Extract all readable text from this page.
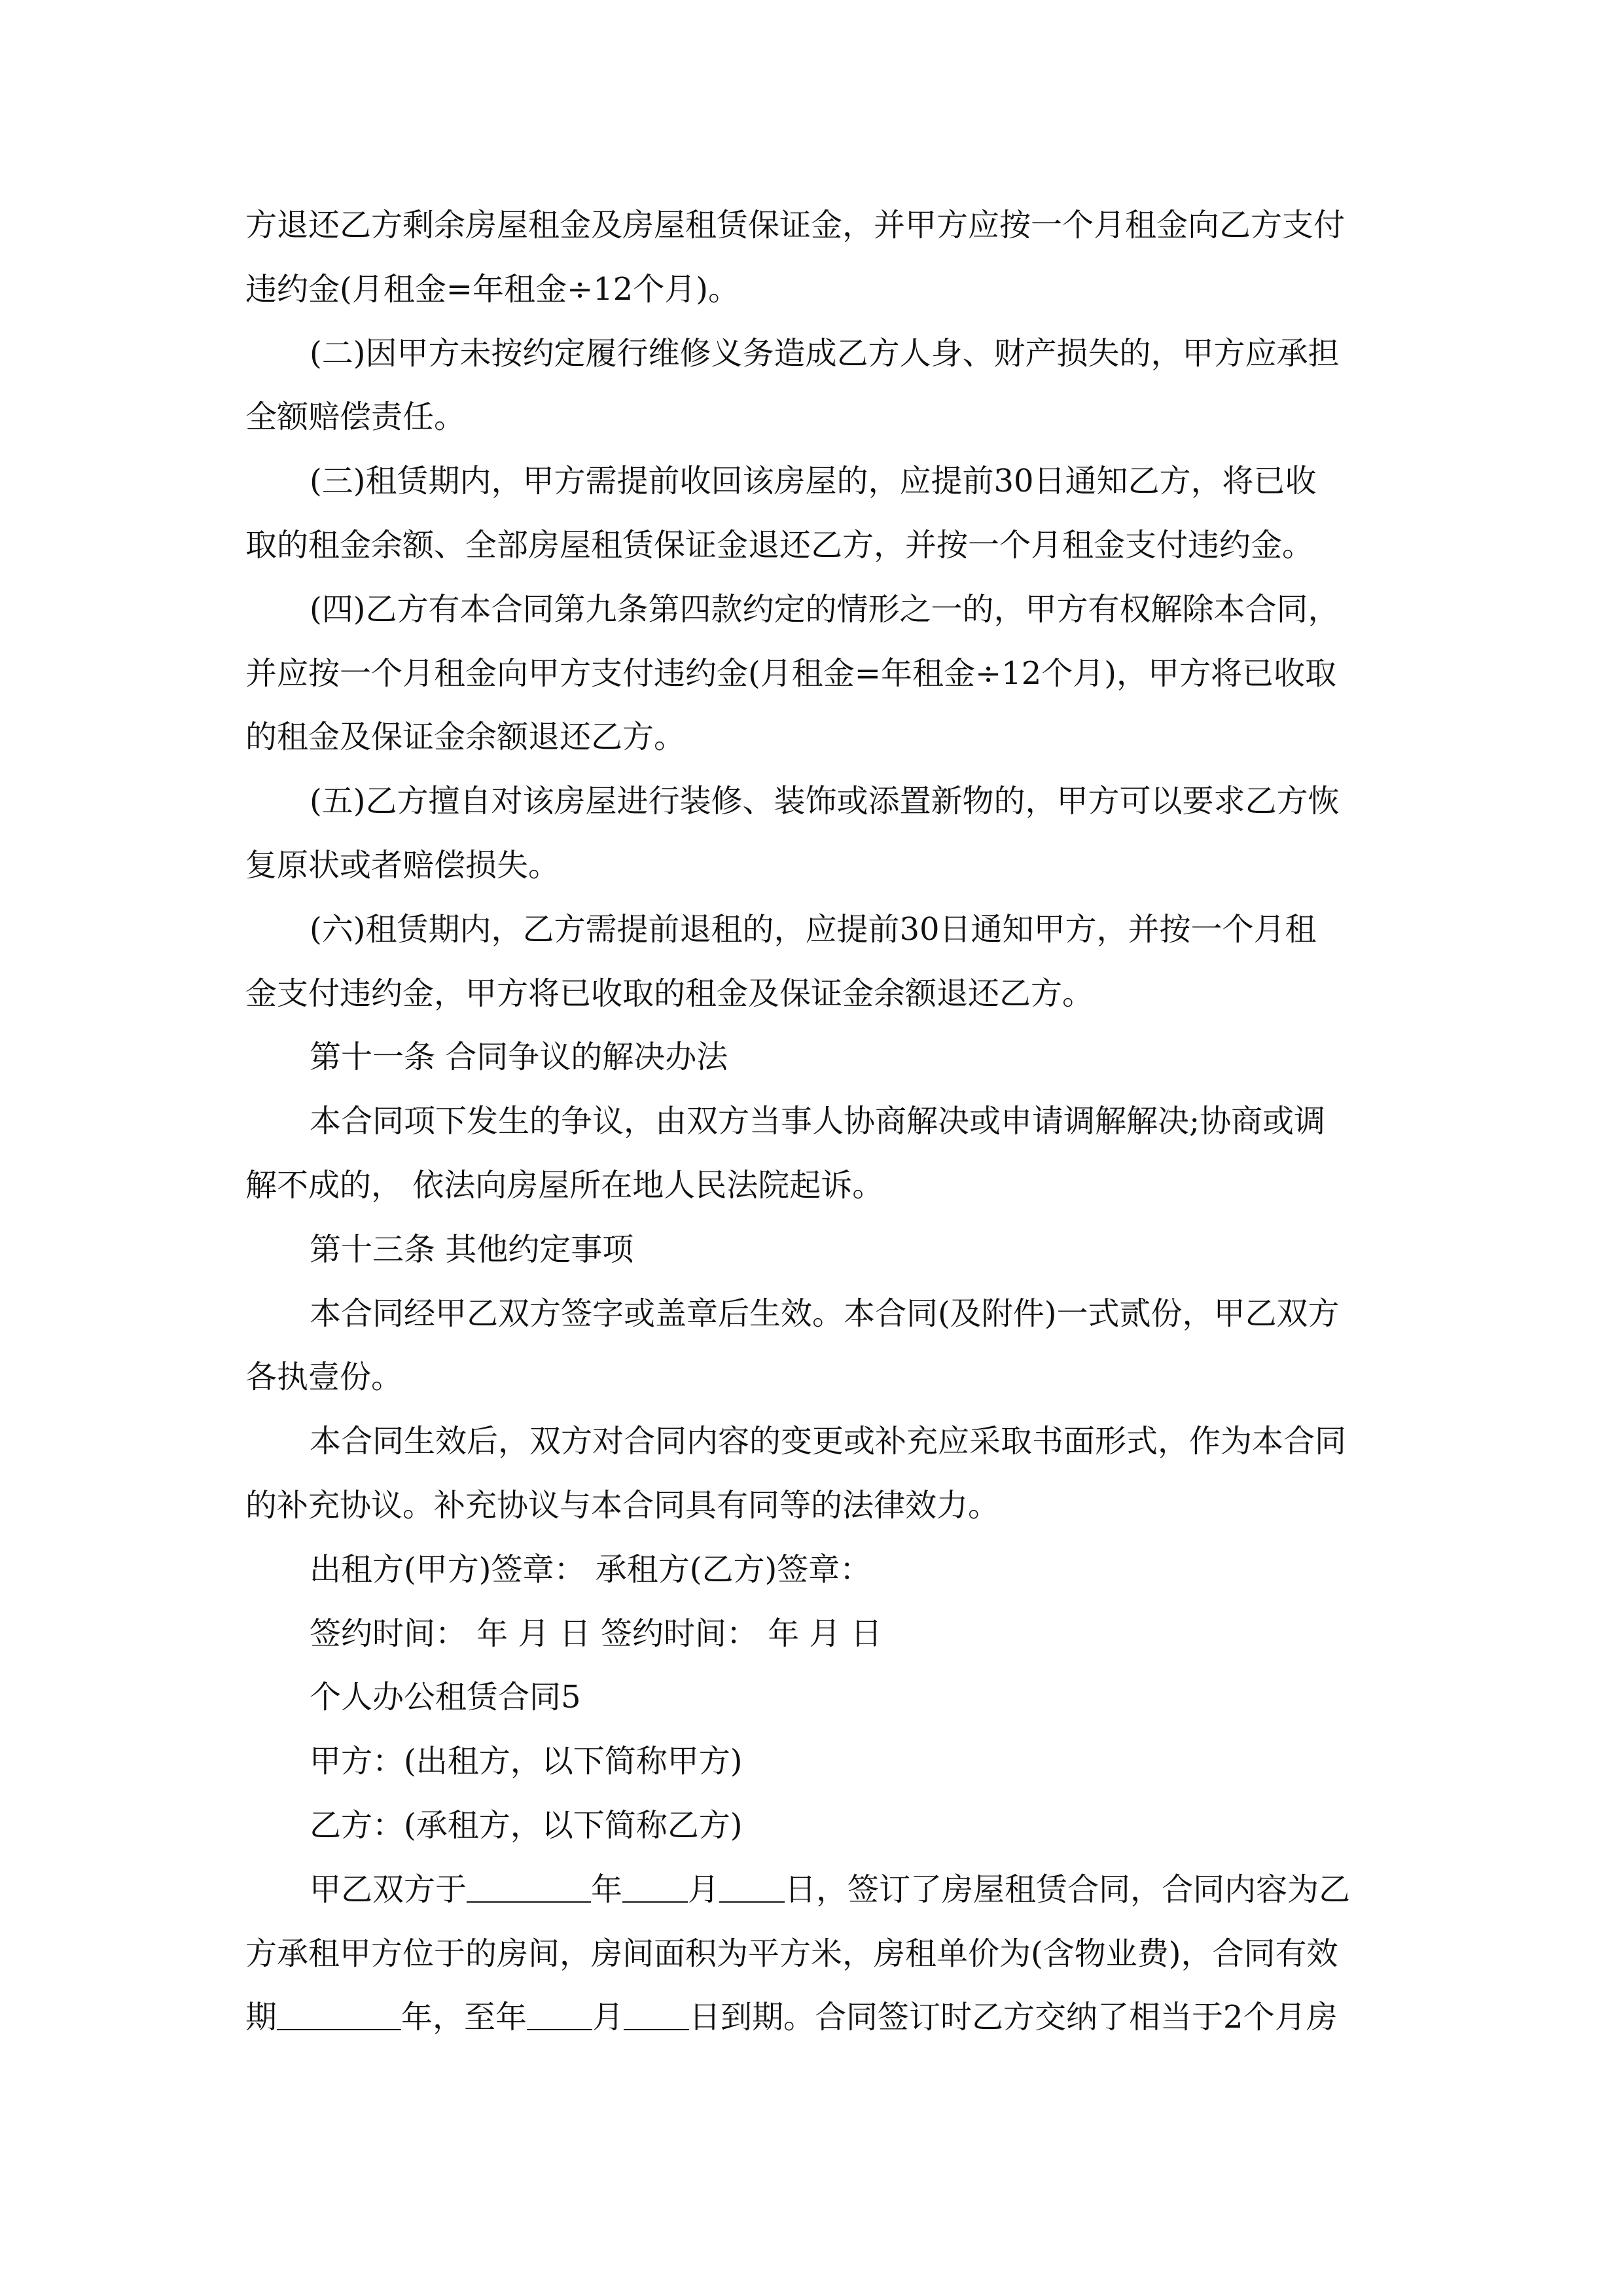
方退还乙方剩余房屋租金及房屋租赁保证金，并甲方应按一个月租金向乙方支付
违约金(月租金=年租金÷12个月)。
(二)因甲方未按约定履行维修义务造成乙方人身、财产损失的，甲方应承担
全额赔偿责任。
(三)租赁期内，甲方需提前收回该房屋的，应提前30日通知乙方，将已收
取的租金余额、全部房屋租赁保证金退还乙方，并按一个月租金支付违约金。
(四)乙方有本合同第九条第四款约定的情形之一的，甲方有权解除本合同，
并应按一个月租金向甲方支付违约金(月租金=年租金÷12个月)，甲方将已收取
的租金及保证金余额退还乙方。
(五)乙方擅自对该房屋进行装修、装饰或添置新物的，甲方可以要求乙方恢
复原状或者赔偿损失。
(六)租赁期内，乙方需提前退租的，应提前30日通知甲方，并按一个月租
金支付违约金，甲方将已收取的租金及保证金余额退还乙方。
第十一条 合同争议的解决办法
本合同项下发生的争议，由双方当事人协商解决或申请调解解决;协商或调
解不成的， 依法向房屋所在地人民法院起诉。
第十三条 其他约定事项
本合同经甲乙双方签字或盖章后生效。本合同(及附件)一式贰份，甲乙双方
各执壹份。
本合同生效后，双方对合同内容的变更或补充应采取书面形式，作为本合同
的补充协议。补充协议与本合同具有同等的法律效力。
出租方(甲方)签章： 承租方(乙方)签章：
签约时间： 年 月 日 签约时间： 年 月 日
个人办公租赁合同5
甲方：(出租方，以下简称甲方)
乙方：(承租方，以下简称乙方)
甲乙双方于	年 月 日，签订了房屋租赁合同，合同内容为乙
方承租甲方位于的房间，房间面积为平方米，房租单价为(含物业费)，合同有效
期	年，至年 月 日到期。合同签订时乙方交纳了相当于2个月房
